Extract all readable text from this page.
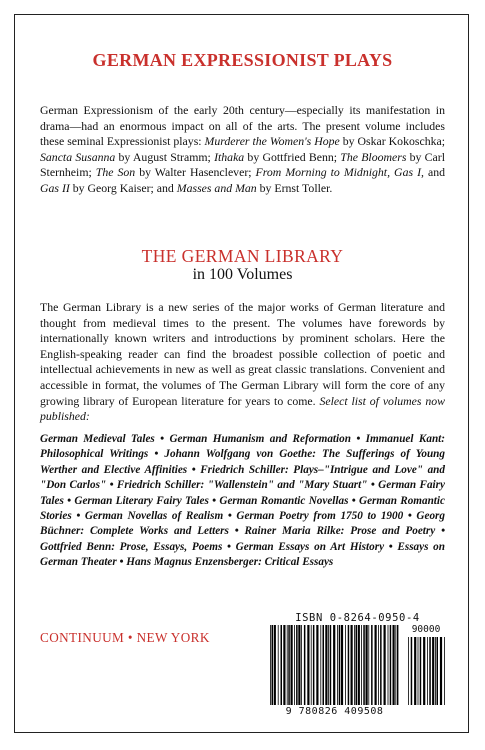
GERMAN EXPRESSIONIST PLAYS

German Expressionism of the early 20th century—especially its manifestation in drama—had an enormous impact on all of the arts. The present volume includes these seminal Expressionist plays: Murderer the Women's Hope by Oskar Kokoschka; Sancta Susanna by August Stramm; Ithaka by Gottfried Benn; The Bloomers by Carl Sternheim; The Son by Walter Hasenclever; From Morning to Midnight, Gas I, and Gas II by Georg Kaiser; and Masses and Man by Ernst Toller.

THE GERMAN LIBRARY
in 100 Volumes

The German Library is a new series of the major works of German literature and thought from medieval times to the present. The volumes have forewords by internationally known writers and introductions by prominent scholars. Here the English-speaking reader can find the broadest possible collection of poetic and intellectual achievements in new as well as great classic translations. Convenient and accessible in format, the volumes of The German Library will form the core of any growing library of European literature for years to come. Select list of volumes now published:

German Medieval Tales • German Humanism and Reformation • Immanuel Kant: Philosophical Writings • Johann Wolfgang von Goethe: The Sufferings of Young Werther and Elective Affinities • Friedrich Schiller: Plays–"Intrigue and Love" and "Don Carlos" • Friedrich Schiller: "Wallenstein" and "Mary Stuart" • German Fairy Tales • German Literary Fairy Tales • German Romantic Novellas • German Romantic Stories • German Novellas of Realism • German Poetry from 1750 to 1900 • Georg Büchner: Complete Works and Letters • Rainer Maria Rilke: Prose and Poetry • Gottfried Benn: Prose, Essays, Poems • German Essays on Art History • Essays on German Theater • Hans Magnus Enzensberger: Critical Essays

CONTINUUM • NEW YORK
ISBN 0-8264-0950-4
90000
9 780826 409508
